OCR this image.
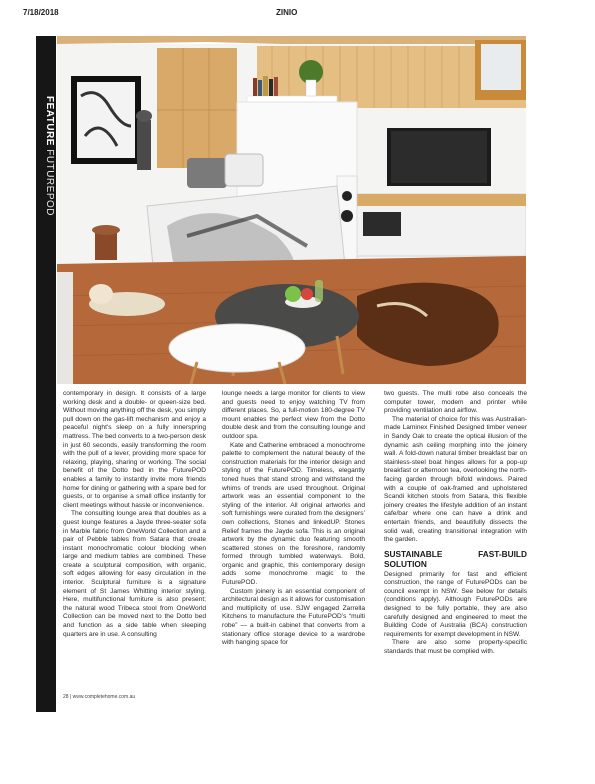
7/18/2018	ZINIO
FEATURE FUTUREPOD

contemporary in design. It consists of a large working desk and a double- or queen-size bed. Without moving anything off the desk, you simply pull down on the gas-lift mechanism and enjoy a peaceful night’s sleep on a fully innerspring mattress. The bed converts to a two-person desk in just 60 seconds, easily transforming the room with the pull of a lever, providing more space for relaxing, playing, sharing or working. The social benefit of the Dotto bed in the FuturePOD enables a family to instantly invite more friends home for dining or gathering with a spare bed for guests, or to organise a small office instantly for client meetings without hassle or inconvenience.

The consulting lounge area that doubles as a guest lounge features a Jayde three-seater sofa in Marble fabric from OneWorld Collection and a pair of Pebble tables from Satara that create instant monochromatic colour blocking when large and medium tables are combined. These create a sculptural composition, with organic, soft edges allowing for easy circulation in the interior. Sculptural furniture is a signature element of St James Whitting interior styling. Here, multifunctional furniture is also present; the natural wood Tribeca stool from OneWorld Collection can be moved next to the Dotto bed and function as a side table when sleeping quarters are in use. A consulting

lounge needs a large monitor for clients to view and guests need to enjoy watching TV from different places. So, a full-motion 180-degree TV mount enables the perfect view from the Dotto double desk and from the consulting lounge and outdoor spa.

Kate and Catherine embraced a monochrome palette to complement the natural beauty of the construction materials for the interior design and styling of the FuturePOD. Timeless, elegantly toned hues that stand strong and withstand the whims of trends are used throughout. Original artwork was an essential component to the styling of the interior. All original artworks and soft furnishings were curated from the designers’ own collections, Stones and linkedUP. Stones Relief frames the Jayde sofa. This is an original artwork by the dynamic duo featuring smooth scattered stones on the foreshore, randomly formed through tumbled waterways. Bold, organic and graphic, this contemporary design adds some monochrome magic to the FuturePOD.

Custom joinery is an essential component of architectural design as it allows for customisation and multiplicity of use. SJW engaged Zarrella Kitchens to manufacture the FuturePOD’s “multi robe” — a built-in cabinet that converts from a stationary office storage device to a wardrobe with hanging space for

two guests. The multi robe also conceals the computer tower, modem and printer while providing ventilation and airflow.

The material of choice for this was Australian-made Laminex Finished Designed timber veneer in Sandy Oak to create the optical illusion of the dynamic ash ceiling morphing into the joinery wall. A fold-down natural timber breakfast bar on stainless-steel boat hinges allows for a pop-up breakfast or afternoon tea, overlooking the north-facing garden through bifold windows. Paired with a couple of oak-framed and upholstered Scandi kitchen stools from Satara, this flexible joinery creates the lifestyle addition of an instant cafe/bar where one can have a drink and entertain friends, and beautifully dissects the solid wall, creating transitional integration with the garden.

SUSTAINABLE FAST-BUILD SOLUTION

Designed primarily for fast and efficient construction, the range of FuturePODs can be council exempt in NSW. See below for details (conditions apply). Although FuturePODs are designed to be fully portable, they are also carefully designed and engineered to meet the Building Code of Australia (BCA) construction requirements for exempt development in NSW.

There are also some property-specific standards that must be complied with.

28 | www.completehome.com.au
